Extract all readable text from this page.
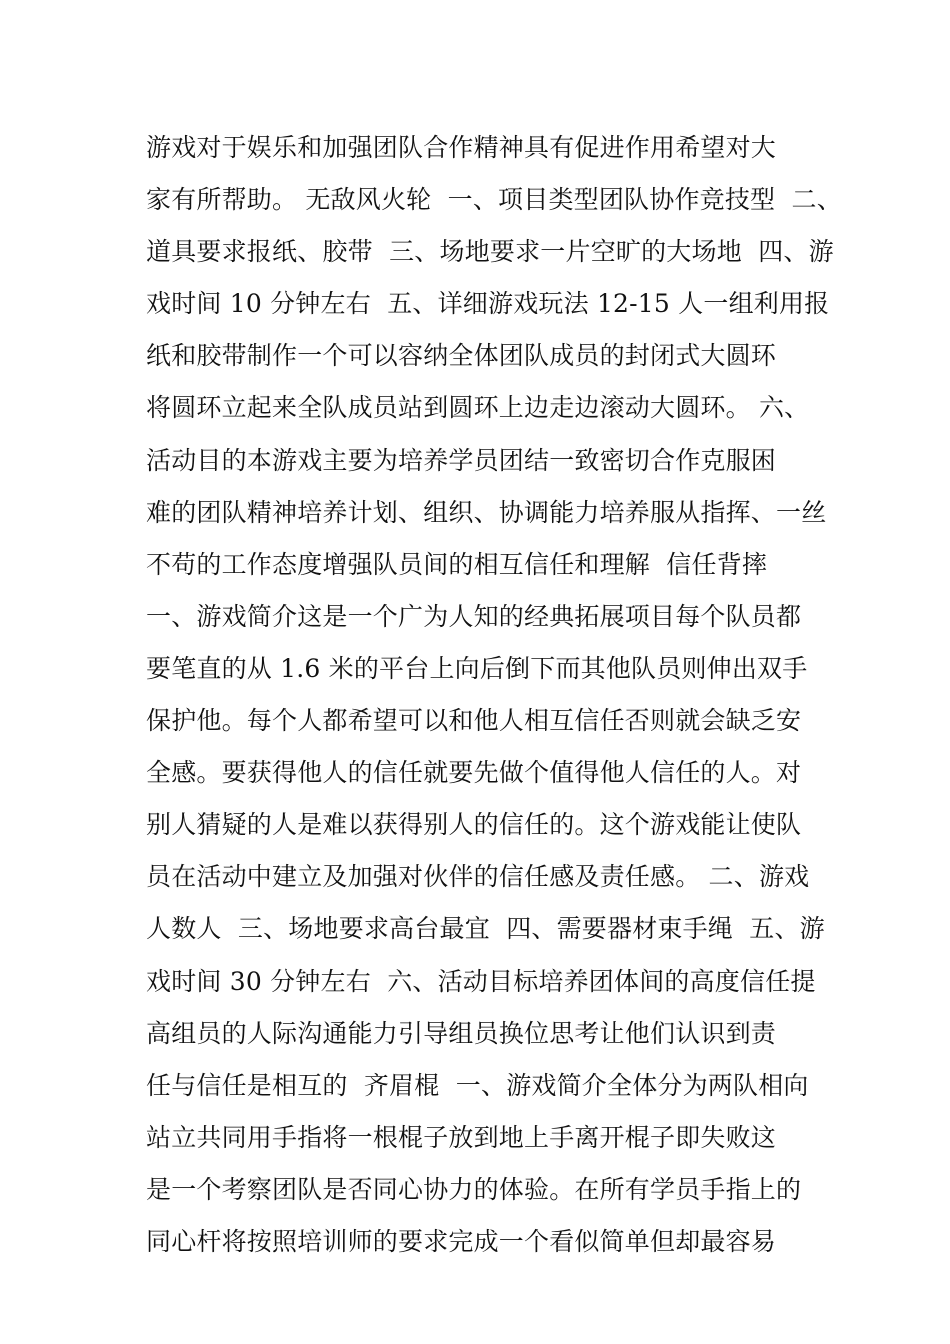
游戏对于娱乐和加强团队合作精神具有促进作用希望对大
家有所帮助。 无敌风火轮  一、项目类型团队协作竞技型  二、
道具要求报纸、胶带  三、场地要求一片空旷的大场地  四、游
戏时间 10 分钟左右  五、详细游戏玩法 12-15 人一组利用报
纸和胶带制作一个可以容纳全体团队成员的封闭式大圆环
将圆环立起来全队成员站到圆环上边走边滚动大圆环。 六、
活动目的本游戏主要为培养学员团结一致密切合作克服困
难的团队精神培养计划、组织、协调能力培养服从指挥、一丝
不苟的工作态度增强队员间的相互信任和理解  信任背摔
一、游戏简介这是一个广为人知的经典拓展项目每个队员都
要笔直的从 1.6 米的平台上向后倒下而其他队员则伸出双手
保护他。每个人都希望可以和他人相互信任否则就会缺乏安
全感。要获得他人的信任就要先做个值得他人信任的人。对
别人猜疑的人是难以获得别人的信任的。这个游戏能让使队
员在活动中建立及加强对伙伴的信任感及责任感。 二、游戏
人数人  三、场地要求高台最宜  四、需要器材束手绳  五、游
戏时间 30 分钟左右  六、活动目标培养团体间的高度信任提
高组员的人际沟通能力引导组员换位思考让他们认识到责
任与信任是相互的  齐眉棍  一、游戏简介全体分为两队相向
站立共同用手指将一根棍子放到地上手离开棍子即失败这
是一个考察团队是否同心协力的体验。在所有学员手指上的
同心杆将按照培训师的要求完成一个看似简单但却最容易
